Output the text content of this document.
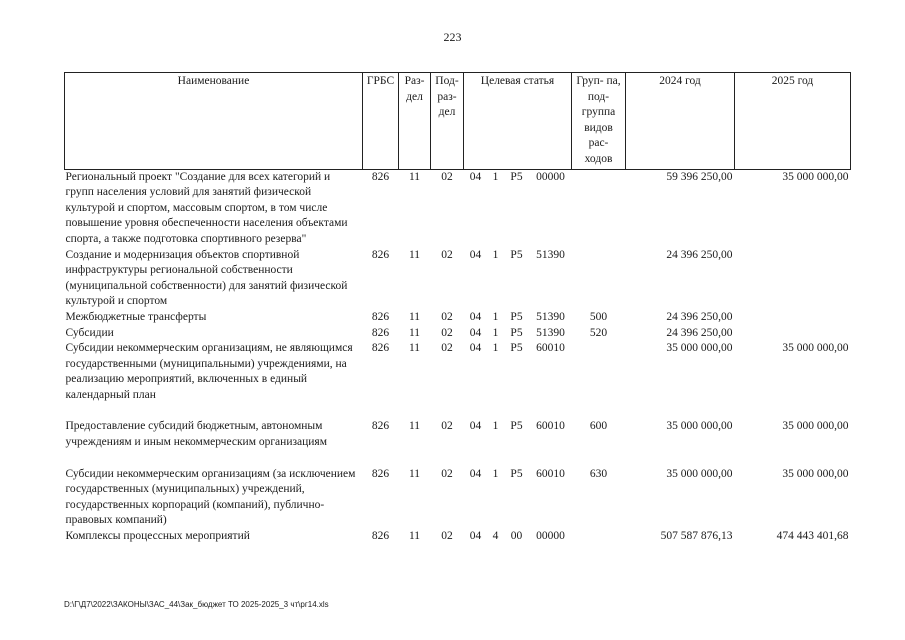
223
Наименование	ГРБС	Раз- дел	Под- раз- дел	Целевая статья				Груп- па, под- группа видов рас- ходов	2024 год	2025 год
Региональный проект "Создание для всех категорий и групп населения условий для занятий физической культурой и спортом, массовым спортом, в том числе повышение уровня обеспеченности населения объектами спорта, а также подготовка спортивного резерва"	826	11	02	04	1	P5	00000		59 396 250,00	35 000 000,00
Создание и модернизация объектов спортивной инфраструктуры региональной собственности (муниципальной собственности) для занятий физической культурой и спортом	826	11	02	04	1	P5	51390		24 396 250,00	
Межбюджетные трансферты	826	11	02	04	1	P5	51390	500	24 396 250,00	
Субсидии	826	11	02	04	1	P5	51390	520	24 396 250,00	
Субсидии некоммерческим организациям, не являющимся государственными (муниципальными) учреждениями, на реализацию мероприятий, включенных в единый календарный план	826	11	02	04	1	P5	60010		35 000 000,00	35 000 000,00

Предоставление субсидий бюджетным, автономным учреждениям и иным некоммерческим организациям	826	11	02	04	1	P5	60010	600	35 000 000,00	35 000 000,00

Субсидии некоммерческим организациям (за исключением государственных (муниципальных) учреждений, государственных корпораций (компаний), публично-правовых компаний)	826	11	02	04	1	P5	60010	630	35 000 000,00	35 000 000,00
Комплексы процессных мероприятий	826	11	02	04	4	00	00000		507 587 876,13	474 443 401,68
D:\Г\Д7\2022\ЗАКОНЫ\ЗАС_44\Зак_бюджет ТО 2025-2025_3 чт\рг14.xls
